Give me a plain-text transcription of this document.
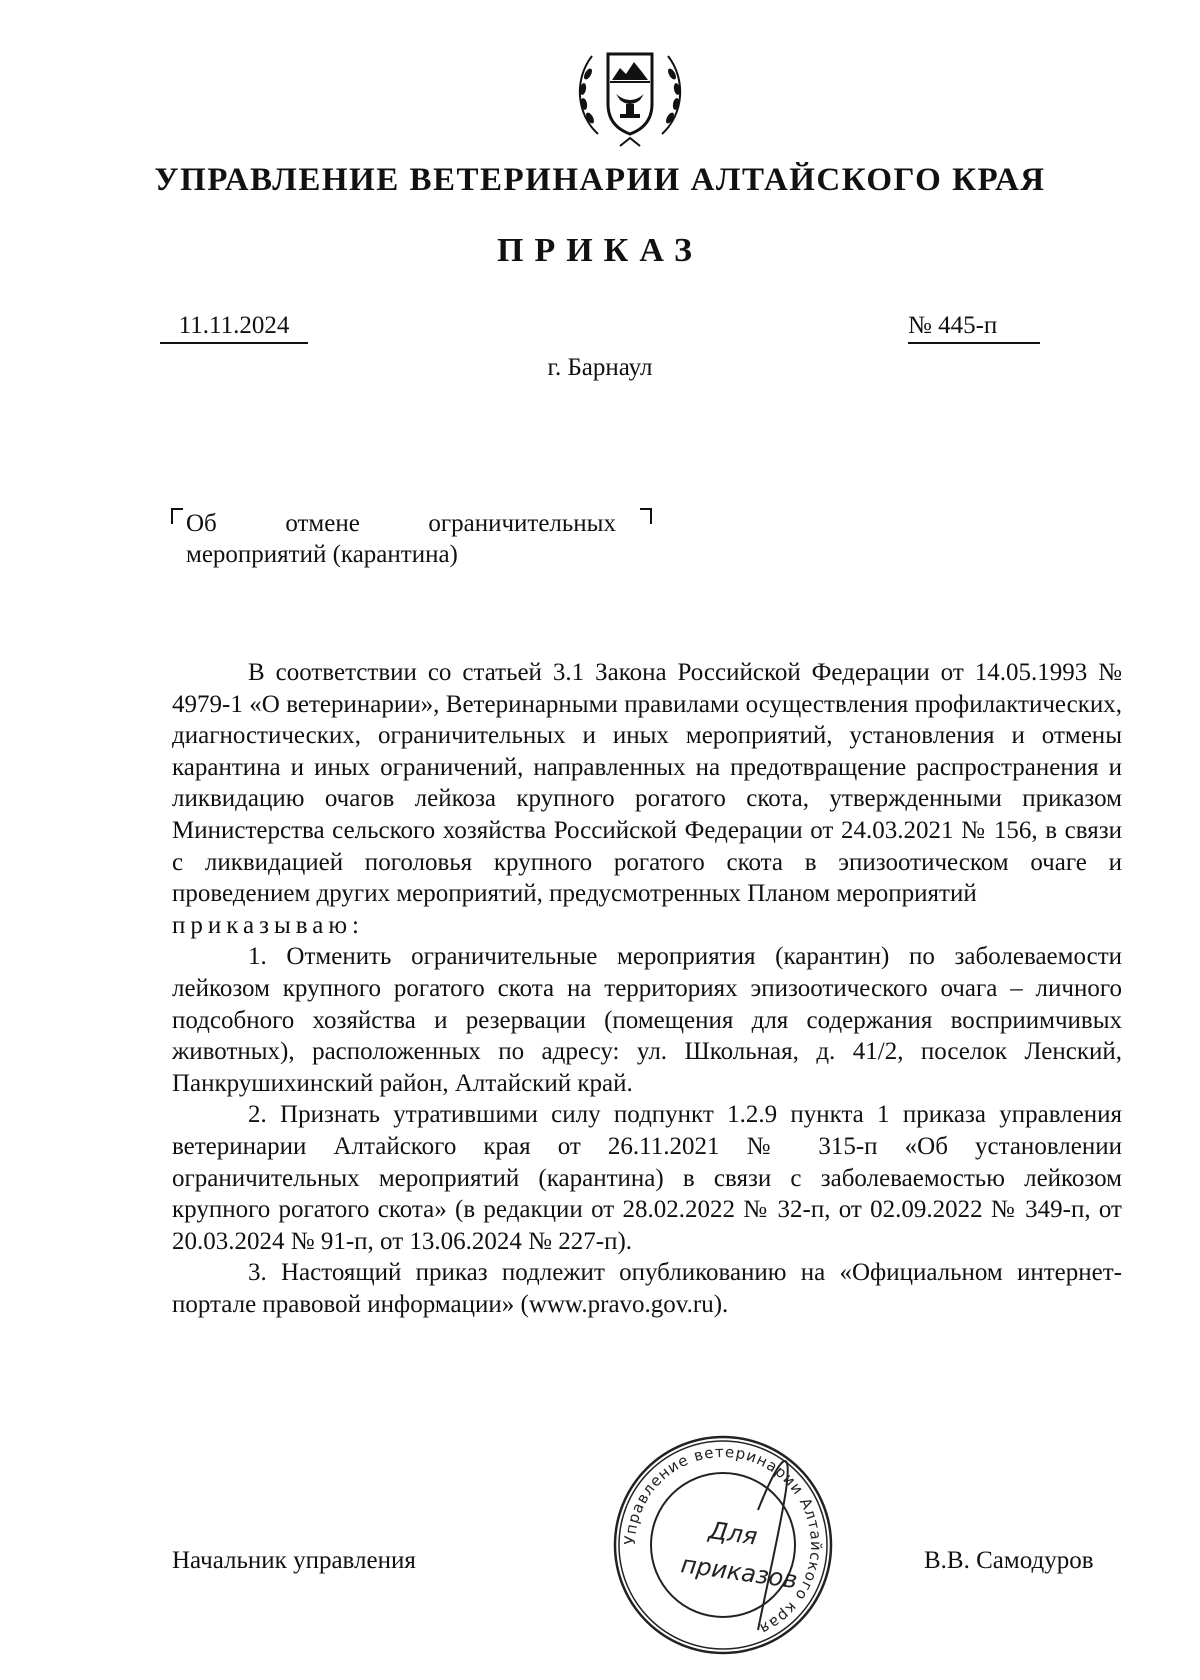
УПРАВЛЕНИЕ ВЕТЕРИНАРИИ АЛТАЙСКОГО КРАЯ
ПРИКАЗ
11.11.2024	№ 445-п
г. Барнаул
Об	отмене	ограничительных
мероприятий (карантина)

В соответствии со статьей 3.1 Закона Российской Федерации от 14.05.1993 № 4979-1 «О ветеринарии», Ветеринарными правилами осуществления профилактических, диагностических, ограничительных и иных мероприятий, установления и отмены карантина и иных ограничений, направленных на предотвращение распространения и ликвидацию очагов лейкоза крупного рогатого скота, утвержденными приказом Министерства сельского хозяйства Российской Федерации от 24.03.2021 № 156, в связи с ликвидацией поголовья крупного рогатого скота в эпизоотическом очаге и проведением других мероприятий, предусмотренных Планом мероприятий
приказываю:

1. Отменить ограничительные мероприятия (карантин) по заболеваемости лейкозом крупного рогатого скота на территориях эпизоотического очага – личного подсобного хозяйства и резервации (помещения для содержания восприимчивых животных), расположенных по адресу: ул. Школьная, д. 41/2, поселок Ленский, Панкрушихинский район, Алтайский край.

2. Признать утратившими силу подпункт 1.2.9 пункта 1 приказа управления ветеринарии Алтайского края от 26.11.2021 № 315-п «Об установлении ограничительных мероприятий (карантина) в связи с заболеваемостью лейкозом крупного рогатого скота» (в редакции от 28.02.2022 № 32-п, от 02.09.2022 № 349-п, от 20.03.2024 № 91-п, от 13.06.2024 № 227-п).

3. Настоящий приказ подлежит опубликованию на «Официальном интернет-портале правовой информации» (www.pravo.gov.ru).

Начальник управления	В.В. Самодуров
Управление ветеринарии Алтайского края
Для
приказов
